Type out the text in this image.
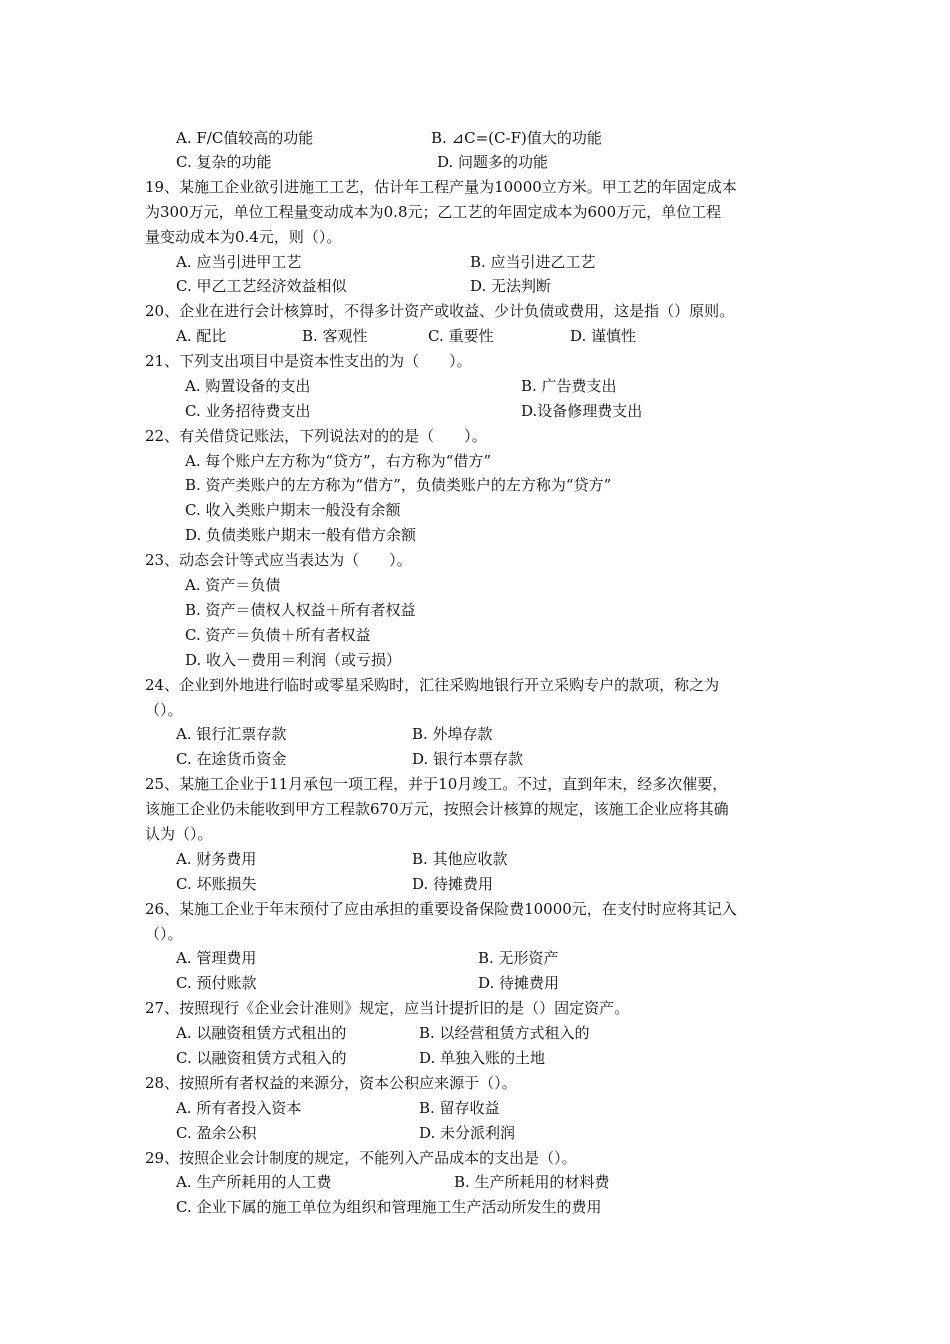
A. F/C值较高的功能	B. ⊿C=(C-F)值大的功能
C. 复杂的功能	D. 问题多的功能
19、某施工企业欲引进施工工艺，估计年工程产量为10000立方米。甲工艺的年固定成本
为300万元，单位工程量变动成本为0.8元；乙工艺的年固定成本为600万元，单位工程
量变动成本为0.4元，则（）。
A. 应当引进甲工艺	B. 应当引进乙工艺
C. 甲乙工艺经济效益相似	D. 无法判断
20、企业在进行会计核算时，不得多计资产或收益、少计负债或费用，这是指（）原则。
A. 配比	B. 客观性	C. 重要性	D. 谨慎性
21、下列支出项目中是资本性支出的为（　　）。
A. 购置设备的支出	B. 广告费支出
C. 业务招待费支出	D.设备修理费支出
22、有关借贷记账法，下列说法对的的是（　　）。
A. 每个账户左方称为“贷方”，右方称为“借方”
B. 资产类账户的左方称为“借方”，负债类账户的左方称为“贷方”
C. 收入类账户期末一般没有余额
D. 负债类账户期末一般有借方余额
23、动态会计等式应当表达为（　　）。
A. 资产＝负债
B. 资产＝债权人权益＋所有者权益
C. 资产＝负债＋所有者权益
D. 收入－费用＝利润（或亏损）
24、企业到外地进行临时或零星采购时，汇往采购地银行开立采购专户的款项，称之为
（）。
A. 银行汇票存款	B. 外埠存款
C. 在途货币资金	D. 银行本票存款
25、某施工企业于11月承包一项工程，并于10月竣工。不过，直到年末，经多次催要，
该施工企业仍未能收到甲方工程款670万元，按照会计核算的规定，该施工企业应将其确
认为（）。
A. 财务费用	B. 其他应收款
C. 坏账损失	D. 待摊费用
26、某施工企业于年末预付了应由承担的重要设备保险费10000元，在支付时应将其记入
（）。
A. 管理费用	B. 无形资产
C. 预付账款	D. 待摊费用
27、按照现行《企业会计准则》规定，应当计提折旧的是（）固定资产。
A. 以融资租赁方式租出的	B. 以经营租赁方式租入的
C. 以融资租赁方式租入的	D. 单独入账的土地
28、按照所有者权益的来源分，资本公积应来源于（）。
A. 所有者投入资本	B. 留存收益
C. 盈余公积	D. 未分派利润
29、按照企业会计制度的规定，不能列入产品成本的支出是（）。
A. 生产所耗用的人工费	B. 生产所耗用的材料费
C. 企业下属的施工单位为组织和管理施工生产活动所发生的费用
